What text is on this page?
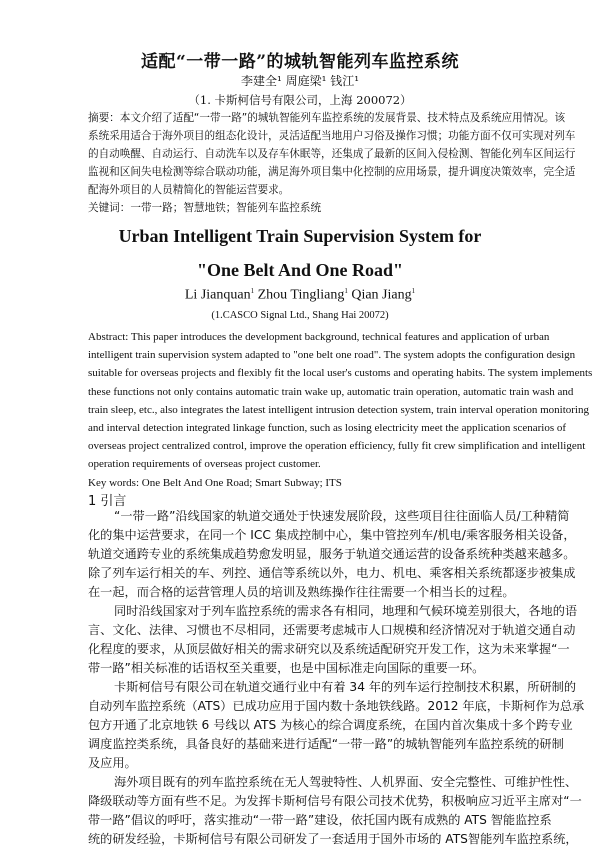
适配“一带一路”的城轨智能列车监控系统
李建全¹ 周庭梁¹ 钱江¹
（1. 卡斯柯信号有限公司，上海 200072）
摘要：本文介绍了适配“一带一路”的城轨智能列车监控系统的发展背景、技术特点及系统应用情况。该
系统采用适合于海外项目的组态化设计，灵活适配当地用户习俗及操作习惯；功能方面不仅可实现对列车
的自动唤醒、自动运行、自动洗车以及存车休眠等，还集成了最新的区间入侵检测、智能化列车区间运行
监视和区间失电检测等综合联动功能，满足海外项目集中化控制的应用场景，提升调度决策效率，完全适
配海外项目的人员精简化的智能运营要求。
关键词：一带一路；智慧地铁；智能列车监控系统
Urban Intelligent Train Supervision System for
"One Belt And One Road"
Li Jianquan$^1$ Zhou Tingliang$^1$ Qian Jiang$^1$
(1.CASCO Signal Ltd., Shang Hai 20072)
Abstract: This paper introduces the development background, technical features and application of urban
intelligent train supervision system adapted to "one belt one road". The system adopts the configuration design
suitable for overseas projects and flexibly fit the local user's customs and operating habits. The system implements
these functions not only contains automatic train wake up, automatic train operation, automatic train wash and
train sleep, etc., also integrates the latest intelligent intrusion detection system, train interval operation monitoring
and interval detection integrated linkage function, such as losing electricity meet the application scenarios of
overseas project centralized control, improve the operation efficiency, fully fit crew simplification and intelligent
operation requirements of overseas project customer.
Key words: One Belt And One Road; Smart Subway; ITS
1 引言
“一带一路”沿线国家的轨道交通处于快速发展阶段，这些项目往往面临人员/工种精简
化的集中运营要求，在同一个 ICC 集成控制中心，集中管控列车/机电/乘客服务相关设备，
轨道交通跨专业的系统集成趋势愈发明显，服务于轨道交通运营的设备系统种类越来越多。
除了列车运行相关的车、列控、通信等系统以外，电力、机电、乘客相关系统都逐步被集成
在一起，而合格的运营管理人员的培训及熟练操作往往需要一个相当长的过程。
同时沿线国家对于列车监控系统的需求各有相同，地理和气候环境差别很大，各地的语
言、文化、法律、习惯也不尽相同，还需要考虑城市人口规模和经济情况对于轨道交通自动
化程度的要求，从顶层做好相关的需求研究以及系统适配研究开发工作，这为未来掌握“一
带一路”相关标准的话语权至关重要，也是中国标准走向国际的重要一环。
卡斯柯信号有限公司在轨道交通行业中有着 34 年的列车运行控制技术积累，所研制的
自动列车监控系统（ATS）已成功应用于国内数十条地铁线路。2012 年底，卡斯柯作为总承
包方开通了北京地铁 6 号线以 ATS 为核心的综合调度系统，在国内首次集成十多个跨专业
调度监控类系统，具备良好的基础来进行适配“一带一路”的城轨智能列车监控系统的研制
及应用。
海外项目既有的列车监控系统在无人驾驶特性、人机界面、安全完整性、可维护性性、
降级联动等方面有些不足。为发挥卡斯柯信号有限公司技术优势，积极响应习近平主席对“一
带一路”倡议的呼吁，落实推动“一带一路”建设，依托国内既有成熟的 ATS 智能监控系
统的研发经验，卡斯柯信号有限公司研发了一套适用于国外市场的 ATS智能列车监控系统，
